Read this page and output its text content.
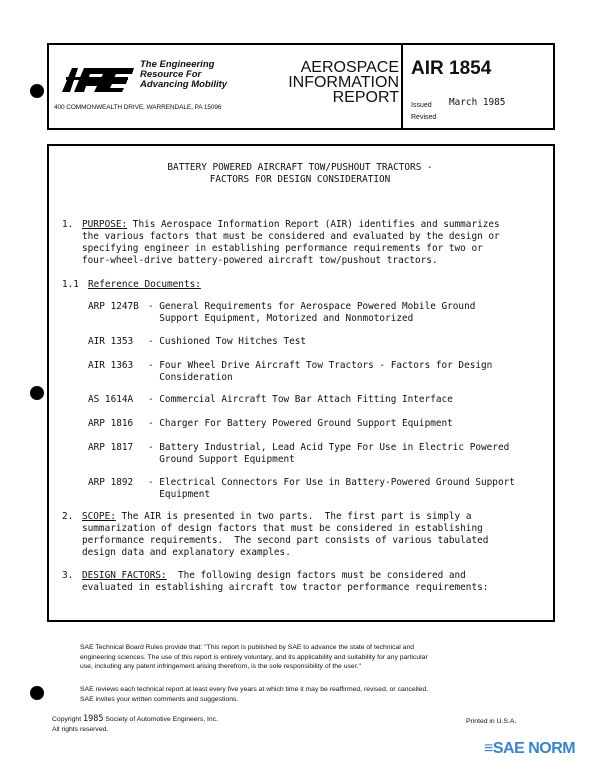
The Engineering
Resource For
Advancing Mobility
400 COMMONWEALTH DRIVE, WARRENDALE, PA 15096
AEROSPACE
INFORMATION
REPORT
AIR 1854
Issued
Revised
March 1985
BATTERY POWERED AIRCRAFT TOW/PUSHOUT TRACTORS -
FACTORS FOR DESIGN CONSIDERATION
1. PURPOSE: This Aerospace Information Report (AIR) identifies and summarizes
the various factors that must be considered and evaluated by the design or
specifying engineer in establishing performance requirements for two or
four-wheel-drive battery-powered aircraft tow/pushout tractors.
1.1 Reference Documents:
ARP 1247B - General Requirements for Aerospace Powered Mobile Ground
Support Equipment, Motorized and Nonmotorized
AIR 1353 - Cushioned Tow Hitches Test
AIR 1363 - Four Wheel Drive Aircraft Tow Tractors - Factors for Design
Consideration
AS 1614A - Commercial Aircraft Tow Bar Attach Fitting Interface
ARP 1816 - Charger For Battery Powered Ground Support Equipment
ARP 1817 - Battery Industrial, Lead Acid Type For Use in Electric Powered
Ground Support Equipment
ARP 1892 - Electrical Connectors For Use in Battery-Powered Ground Support
Equipment
2. SCOPE: The AIR is presented in two parts.  The first part is simply a
summarization of design factors that must be considered in establishing
performance requirements.  The second part consists of various tabulated
design data and explanatory examples.
3. DESIGN FACTORS:  The following design factors must be considered and
evaluated in establishing aircraft tow tractor performance requirements:
SAE Technical Board Rules provide that: "This report is published by SAE to advance the state of technical and
engineering sciences. The use of this report is entirely voluntary, and its applicability and suitability for any particular
use, including any patent infringement arising therefrom, is the sole responsibility of the user."
SAE reviews each technical report at least every five years at which time it may be reaffirmed, revised, or cancelled.
SAE invites your written comments and suggestions.
Copyright 1985 Society of Automotive Engineers, Inc.
All rights reserved.
Printed in U.S.A.
≡SAE NORM
